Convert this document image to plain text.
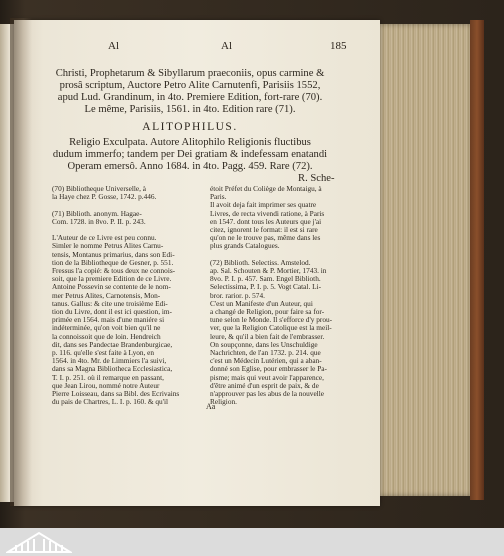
Al	Al	185
Christi, Prophetarum & Sibyllarum praeconiis, opus carmine &
prosâ scriptum, Auctore Petro Alite Carnutenfi, Parisiis 1552,
apud Lud. Grandinum, in 4to. Premiere Edition, fort-rare (70).
Le même, Parisiis, 1561. in 4to. Edition rare (71).
ALITOPHILUS.
Religio Exculpata. Autore Alitophilo Religionis fluctibus
dudum immerfo; tandem per Dei gratiam & indefessam enatandi
Operam emersô. Anno 1684. in 4to. Pagg. 459. Rare (72).
R. Sche-
(70) Bibliotheque Universelle, à
la Haye chez P. Gosse, 1742. p.446.
(71) Biblioth. anonym. Hagae-
Com. 1728. in 8vo. P. II. p. 243.
L'Auteur de ce Livre est peu connu.
Simler le nomme Petrus Alites Carnu-
tensis, Montanus primarius, dans son Edi-
tion de la Bibliotheque de Gesner, p. 551.
Fressus l'a copié: & tous deux ne connois-
soit, que la premiere Edition de ce Livre.
Antoine Possevin se contente de le nom-
mer Petrus Alites, Carnotensis, Mon-
tanus. Gallus: & cite une troisième Edi-
tion du Livre, dont il est ici question, im-
primée en 1564. mais d'une maniére si
indéterminée, qu'on voit bien qu'il ne
la connoissoit que de loin. Hendreich
dit, dans ses Pandectae Brandenburgicae,
p. 116. qu'elle s'est faite à Lyon, en
1564. in 4to. Mr. de Limmiers l'a suivi,
dans sa Magna Bibliotheca Ecclesiastica,
T. I. p. 251. où il remarque en passant,
que Jean Lirou, nommé notre Auteur
Pierre Loisseau, dans sa Bibl. des Ecrivains
du pais de Chartres, L. I. p. 160. & qu'il
étoit Préfet du Coliège de Montaigu, à
Paris.
Il avoit deja fait imprimer ses quatre
Livres, de recta vivendi ratione, à Paris
en 1547. dont tous les Auteurs que j'ai
citez, ignorent le format: il est si rare
qu'on ne le trouve pas, même dans les
plus grands Catalogues.
(72) Biblioth. Selectiss. Amstelod.
ap. Sal. Schouten & P. Mortier, 1743. in
8vo. P. I. p. 457. Sam. Engel Biblioth.
Selectissima, P. I. p. 5. Vogt Catal. Li-
bror. rarior. p. 574.
C'est un Manifeste d'un Auteur, qui
a changé de Religion, pour faire sa for-
tune selon le Monde. Il s'efforce d'y prou-
ver, que la Religion Catolique est la meil-
leure, & qu'il a bien fait de l'embrasser.
On soupçonne, dans les Unschuldige
Nachrichten, de l'an 1732. p. 214. que
c'est un Médecin Lutérien, qui a aban-
donné son Eglise, pour embrasser le Pa-
pisme; mais qui veut avoir l'apparence,
d'être animé d'un esprit de paix, & de
n'approuver pas les abus de la nouvelle
Religion.
Aa
